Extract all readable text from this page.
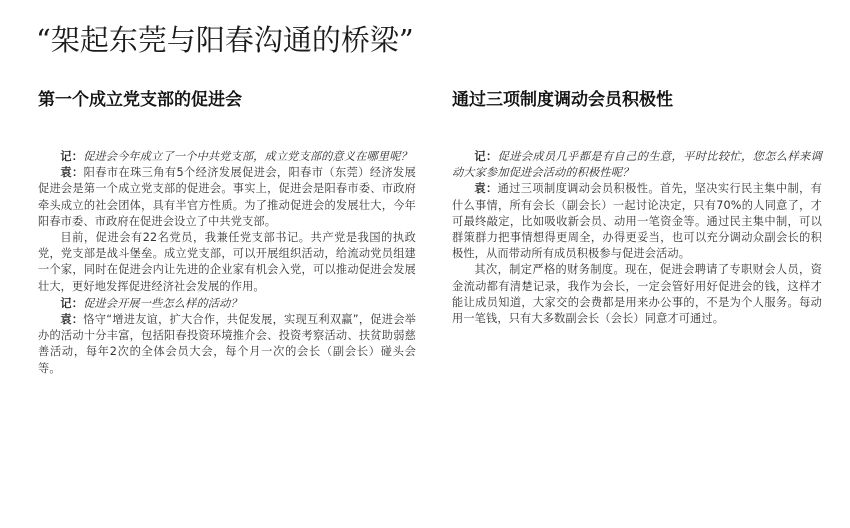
“架起东莞与阳春沟通的桥梁”
第一个成立党支部的促进会

记：促进会今年成立了一个中共党支部，成立党支部的意义在哪里呢？

袁：阳春市在珠三角有5个经济发展促进会，阳春市（东莞）经济发展促进会是第一个成立党支部的促进会。事实上，促进会是阳春市委、市政府牵头成立的社会团体，具有半官方性质。为了推动促进会的发展壮大，今年阳春市委、市政府在促进会设立了中共党支部。

目前，促进会有22名党员，我兼任党支部书记。共产党是我国的执政党，党支部是战斗堡垒。成立党支部，可以开展组织活动，给流动党员组建一个家，同时在促进会内让先进的企业家有机会入党，可以推动促进会发展壮大，更好地发挥促进经济社会发展的作用。

记：促进会开展一些怎么样的活动？

袁：恪守“增进友谊，扩大合作，共促发展，实现互利双赢”，促进会举办的活动十分丰富，包括阳春投资环境推介会、投资考察活动、扶贫助弱慈善活动，每年2次的全体会员大会，每个月一次的会长（副会长）碰头会等。

通过三项制度调动会员积极性

记：促进会成员几乎都是有自己的生意，平时比较忙，您怎么样来调动大家参加促进会活动的积极性呢？

袁：通过三项制度调动会员积极性。首先，坚决实行民主集中制，有什么事情，所有会长（副会长）一起讨论决定，只有70%的人同意了，才可最终敲定，比如吸收新会员、动用一笔资金等。通过民主集中制，可以群策群力把事情想得更周全，办得更妥当，也可以充分调动众副会长的积极性，从而带动所有成员积极参与促进会活动。

其次，制定严格的财务制度。现在，促进会聘请了专职财会人员，资金流动都有清楚记录，我作为会长，一定会管好用好促进会的钱，这样才能让成员知道，大家交的会费都是用来办公事的，不是为个人服务。每动用一笔钱，只有大多数副会长（会长）同意才可通过。
